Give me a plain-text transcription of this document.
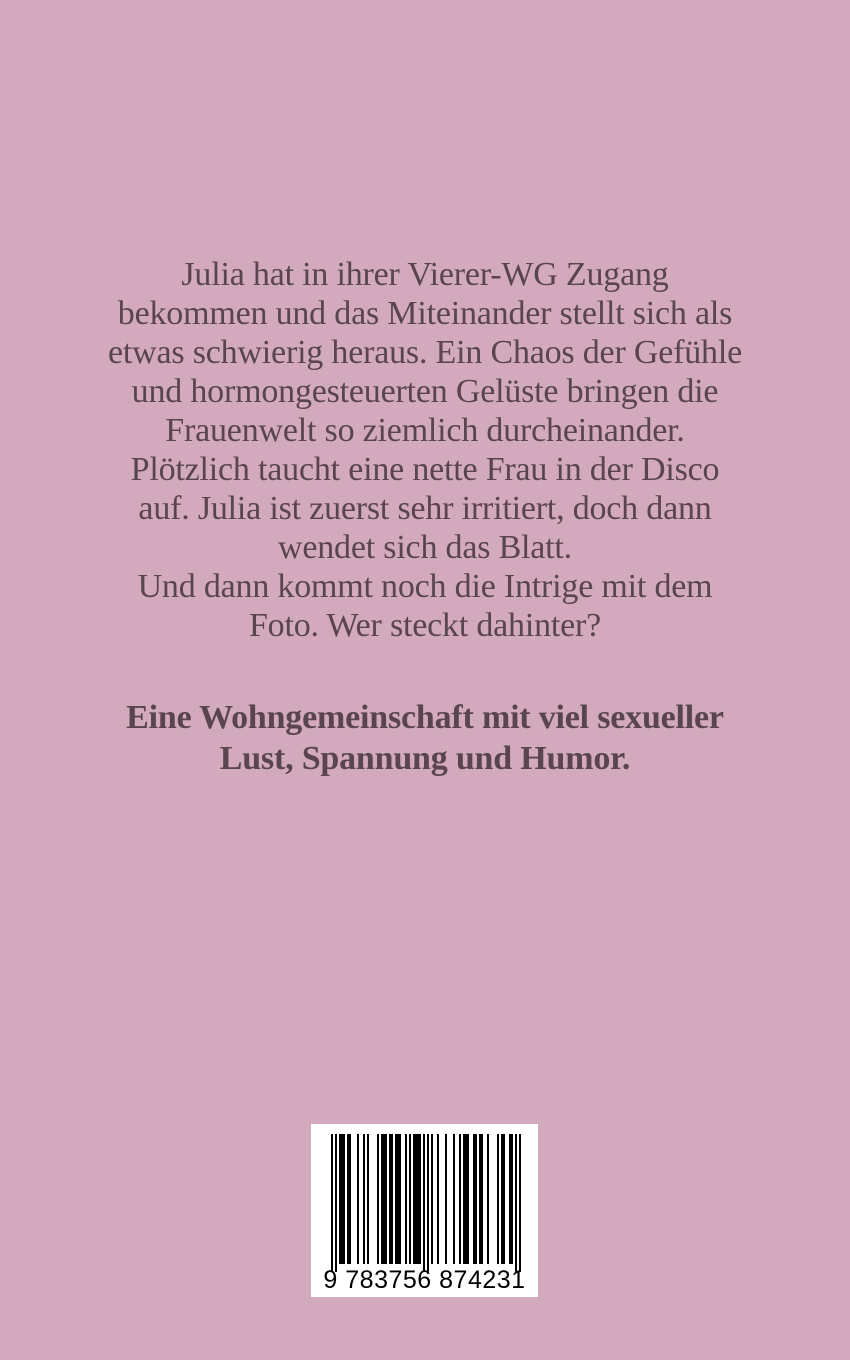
Julia hat in ihrer Vierer-WG Zugang
bekommen und das Miteinander stellt sich als
etwas schwierig heraus. Ein Chaos der Gefühle
und hormongesteuerten Gelüste bringen die
Frauenwelt so ziemlich durcheinander.
Plötzlich taucht eine nette Frau in der Disco
auf. Julia ist zuerst sehr irritiert, doch dann
wendet sich das Blatt.
Und dann kommt noch die Intrige mit dem
Foto. Wer steckt dahinter?
Eine Wohngemeinschaft mit viel sexueller
Lust, Spannung und Humor.
9 783756 874231
